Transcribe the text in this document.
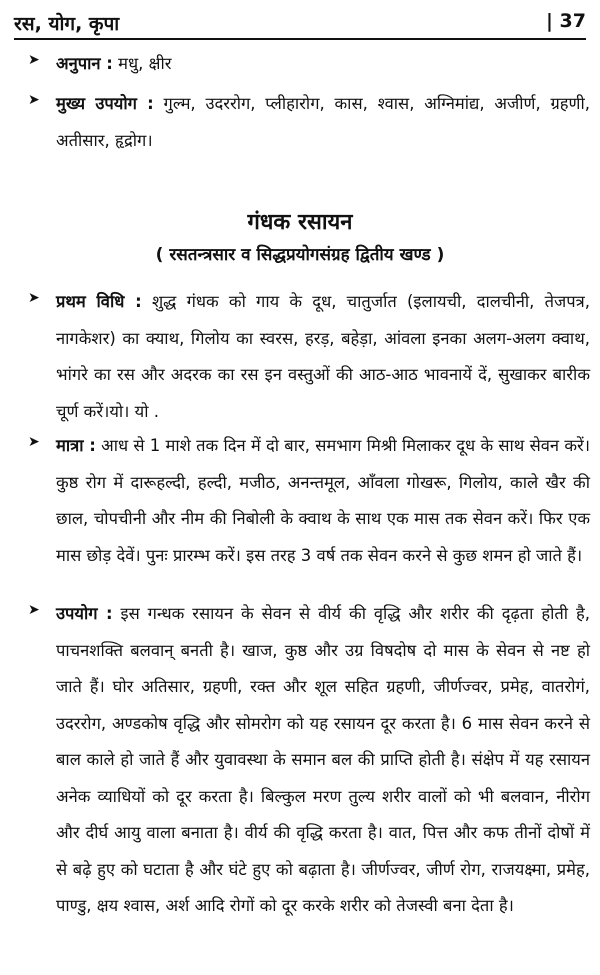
रस, योग, कृपा	| 37
➤ अनुपान : मधु, क्षीर
➤ मुख्य उपयोग : गुल्म, उदररोग, प्लीहारोग, कास, श्वास, अग्निमांद्य, अजीर्ण, ग्रहणी, अतीसार, हृद्रोग।
गंधक रसायन
( रसतन्त्रसार व सिद्धप्रयोगसंग्रह द्वितीय खण्ड )
➤ प्रथम विधि : शुद्ध गंधक को गाय के दूध, चातुर्जात (इलायची, दालचीनी, तेजपत्र, नागकेशर) का क्याथ, गिलोय का स्वरस, हरड़, बहेड़ा, आंवला इनका अलग-अलग क्वाथ, भांगरे का रस और अदरक का रस इन वस्तुओं की आठ-आठ भावनायें दें, सुखाकर बारीक चूर्ण करें।यो। यो .
➤ मात्रा : आध से 1 माशे तक दिन में दो बार, समभाग मिश्री मिलाकर दूध के साथ सेवन करें। कुष्ठ रोग में दारूहल्दी, हल्दी, मजीठ, अनन्तमूल, आँवला गोखरू, गिलोय, काले खैर की छाल, चोपचीनी और नीम की निबोली के क्वाथ के साथ एक मास तक सेवन करें। फिर एक मास छोड़ देवें। पुनः प्रारम्भ करें। इस तरह 3 वर्ष तक सेवन करने से कुछ शमन हो जाते हैं।
➤ उपयोग : इस गन्धक रसायन के सेवन से वीर्य की वृद्धि और शरीर की दृढ़ता होती है, पाचनशक्ति बलवान् बनती है। खाज, कुष्ठ और उग्र विषदोष दो मास के सेवन से नष्ट हो जाते हैं। घोर अतिसार, ग्रहणी, रक्त और शूल सहित ग्रहणी, जीर्णज्वर, प्रमेह, वातरोगं, उदररोग, अण्डकोष वृद्धि और सोमरोग को यह रसायन दूर करता है। 6 मास सेवन करने से बाल काले हो जाते हैं और युवावस्था के समान बल की प्राप्ति होती है। संक्षेप में यह रसायन अनेक व्याधियों को दूर करता है। बिल्कुल मरण तुल्य शरीर वालों को भी बलवान, नीरोग और दीर्घ आयु वाला बनाता है। वीर्य की वृद्धि करता है। वात, पित्त और कफ तीनों दोषों में से बढ़े हुए को घटाता है और घंटे हुए को बढ़ाता है। जीर्णज्वर, जीर्ण रोग, राजयक्ष्मा, प्रमेह, पाण्डु, क्षय श्वास, अर्श आदि रोगों को दूर करके शरीर को तेजस्वी बना देता है।
